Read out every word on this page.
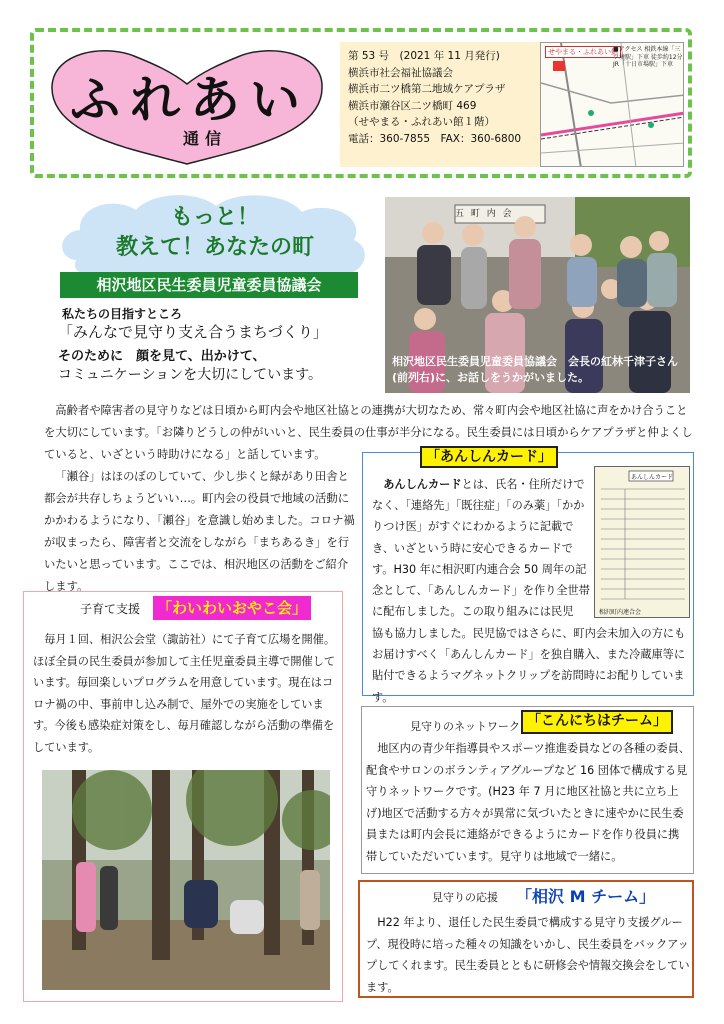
ふれあい
通信
第 53 号　(2021 年 11 月発行)
横浜市社会福祉協議会
横浜市二ツ橋第二地域ケアプラザ
横浜市瀬谷区二ツ橋町 469
（せやまる・ふれあい館１階）
電話：360-7855　FAX：360-6800
せやまる・ふれあい館
■アクセス 相鉄本線「三ツ境駅」下車 徒歩約12分 JR「十日市場駅」下車
もっと！
教えて！あなたの町
相沢地区民生委員児童委員協議会
私たちの目指すところ
「みんなで見守り支え合うまちづくり」
そのために　顔を見て、出かけて、
コミュニケーションを大切にしています。
五 町 内 会
相沢地区民生委員児童委員協議会　会長の紅林千津子さん(前列右)に、お話しをうかがいました。
高齢者や障害者の見守りなどは日頃から町内会や地区社協との連携が大切なため、常々町内会や地区社協に声をかけ合うことを大切にしています。「お隣りどうしの仲がいいと、民生委員の仕事が半分になる。民生委員には日頃からケアプラザと仲よくしていると、いざという時助けになる」と話しています。
「瀬谷」はほのぼのしていて、少し歩くと緑があり田舎と都会が共存しちょうどいい…。町内会の役員で地域の活動にかかわるようになり、「瀬谷」を意識し始めました。コロナ禍が収まったら、障害者と交流をしながら「まちあるき」を行いたいと思っています。ここでは、相沢地区の活動をご紹介します。
「あんしんカード」
あんしんカードとは、氏名・住所だけでなく、「連絡先」「既往症」「のみ薬」「かかりつけ医」がすぐにわかるように記載でき、いざという時に安心できるカードです。H30 年に相沢町内連合会 50 周年の記念として、「あんしんカード」を作り全世帯に配布しました。この取り組みには民児
協も協力しました。民児協ではさらに、町内会未加入の方にもお届けすべく「あんしんカード」を独自購入、また冷蔵庫等に貼付できるようマグネットクリップを訪問時にお配りしています。
あんしんカード
相沢町内連合会
子育て支援 「わいわいおやこ会」
毎月１回、相沢公会堂（諏訪社）にて子育て広場を開催。ほぼ全員の民生委員が参加して主任児童委員主導で開催しています。毎回楽しいプログラムを用意しています。現在はコロナ禍の中、事前申し込み制で、屋外での実施をしています。今後も感染症対策をし、毎月確認しながら活動の準備をしています。
見守りのネットワーク 「こんにちはチーム」
地区内の青少年指導員やスポーツ推進委員などの各種の委員、配食やサロンのボランティアグループなど 16 団体で構成する見守りネットワークです。(H23 年 7 月に地区社協と共に立ち上げ)地区で活動する方々が異常に気づいたときに速やかに民生委員または町内会長に連絡ができるようにカードを作り役員に携帯していただいています。見守りは地域で一緒に。
見守りの応援 「相沢 M チーム」
H22 年より、退任した民生委員で構成する見守り支援グループ、現役時に培った種々の知識をいかし、民生委員をバックアップしてくれます。民生委員とともに研修会や情報交換会をしています。
